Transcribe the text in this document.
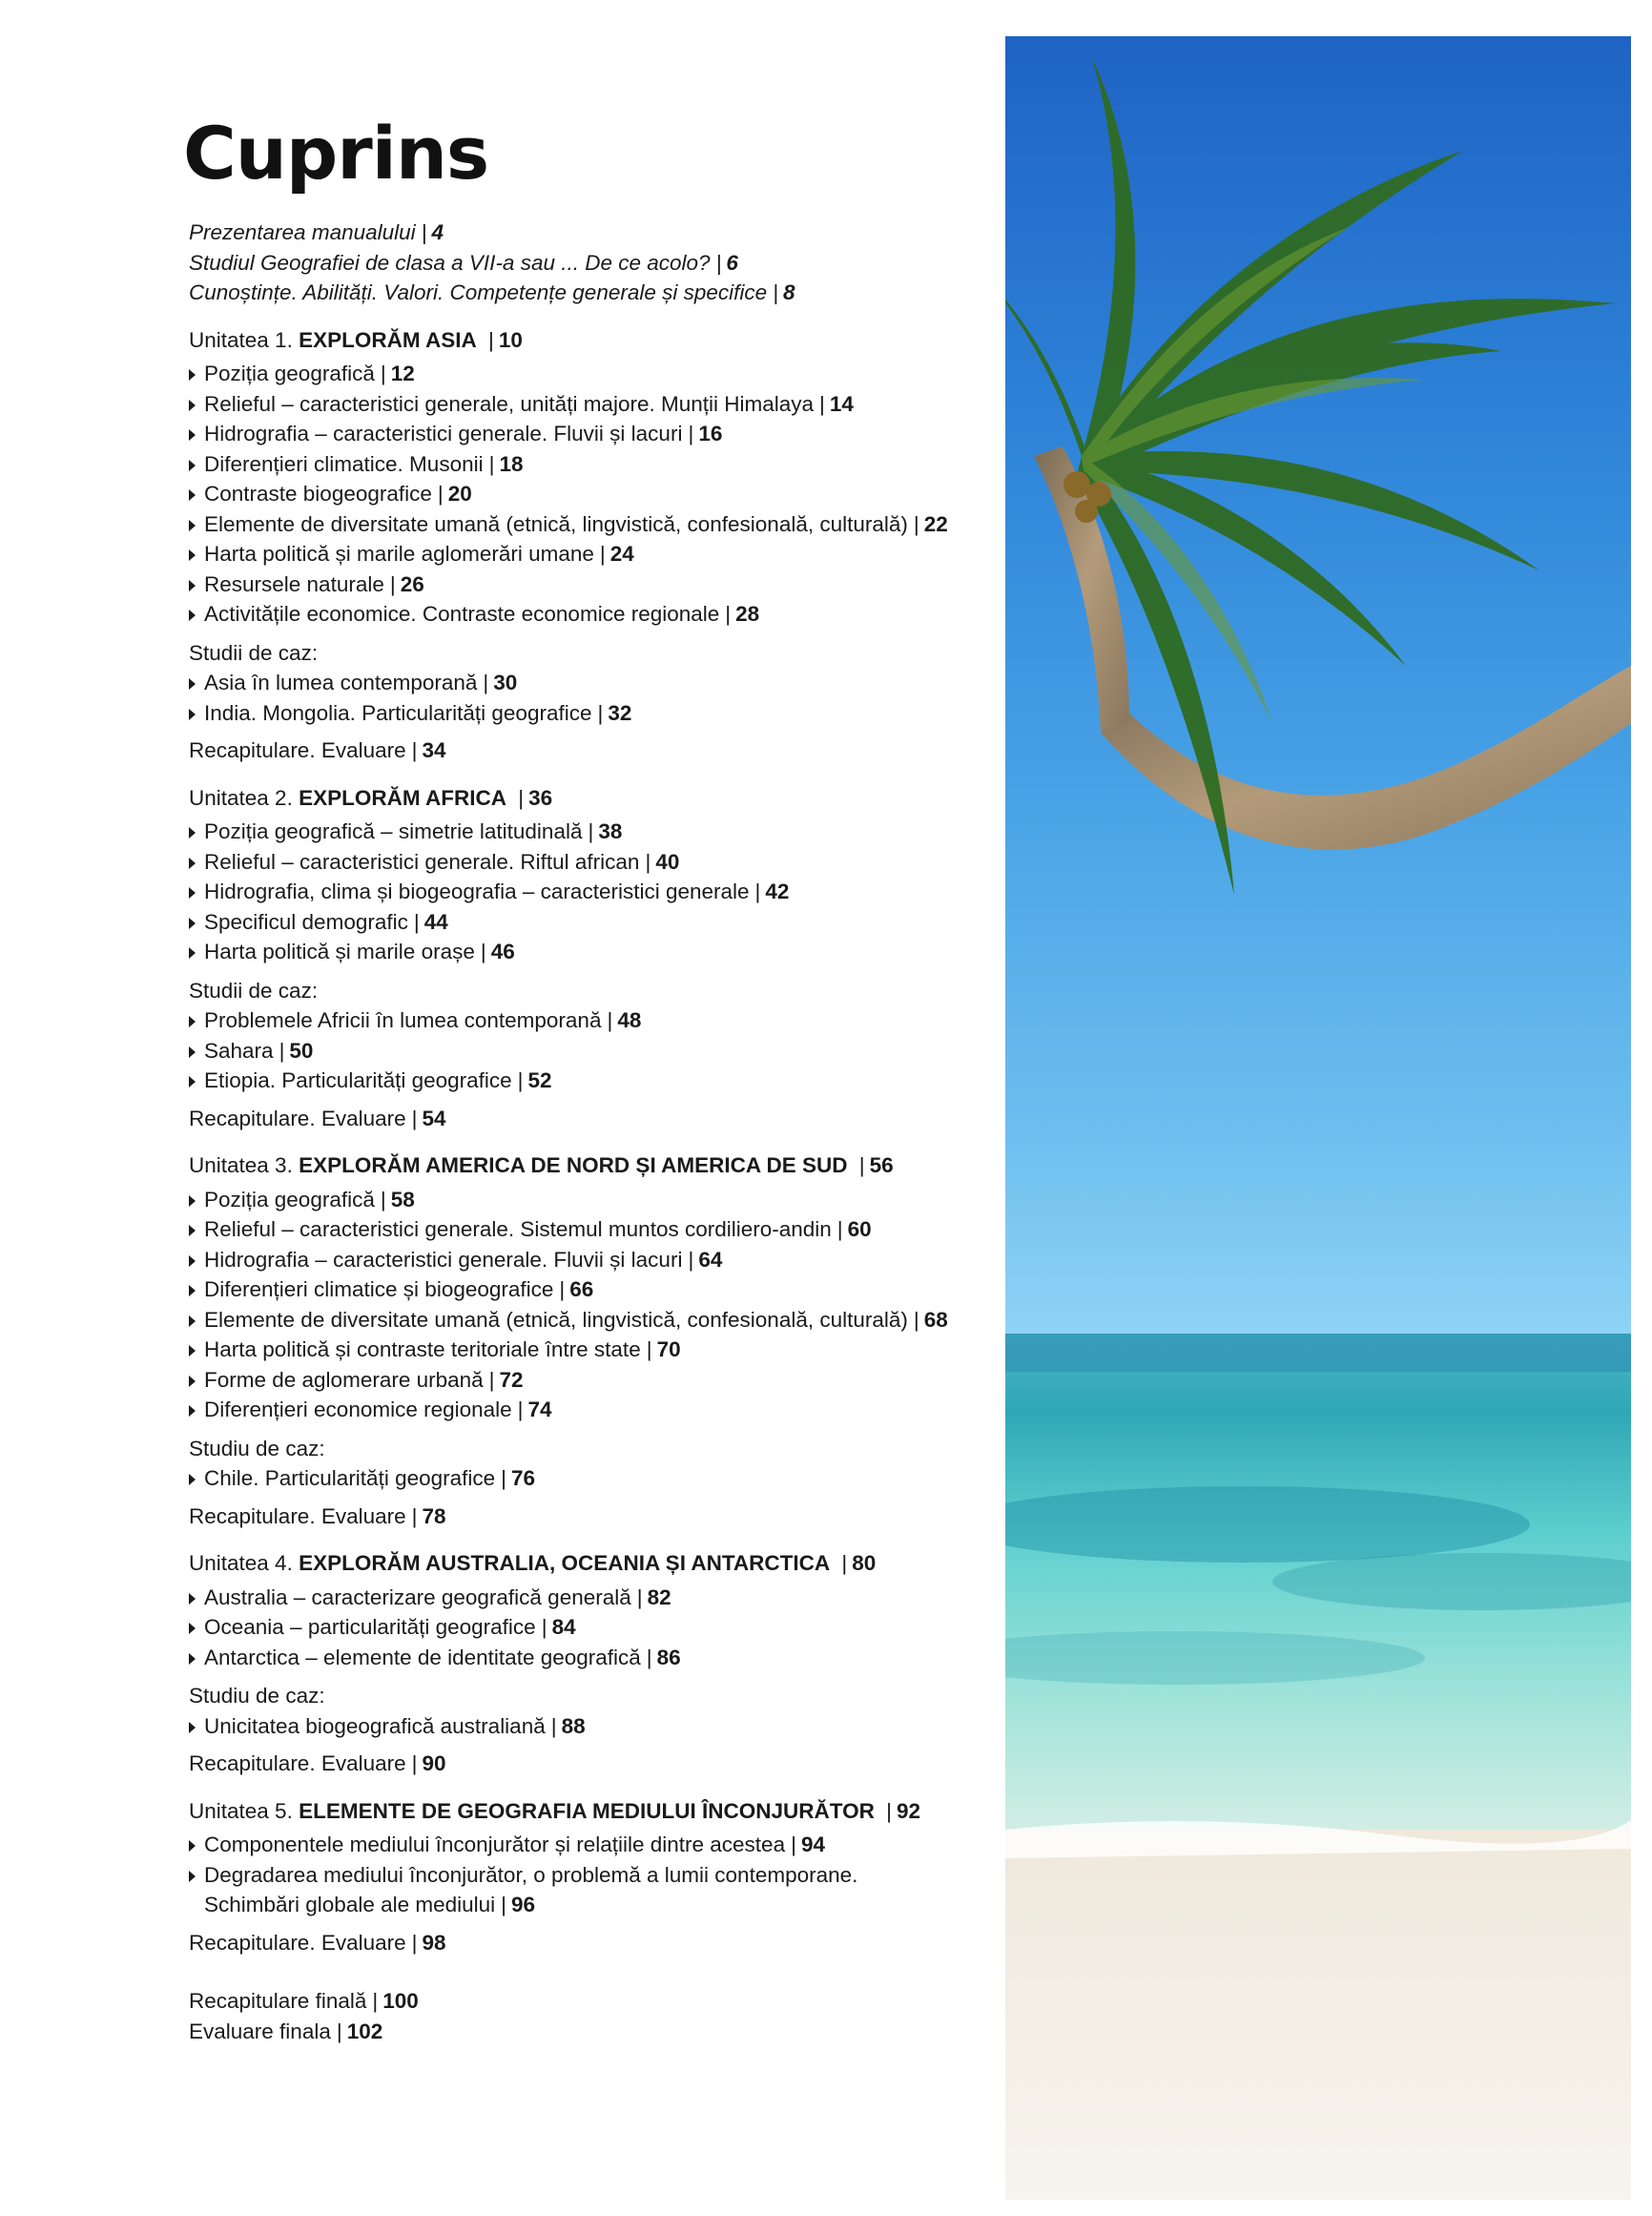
Cuprins
Prezentarea manualului | 4
Studiul Geografiei de clasa a VII-a sau ... De ce acolo? | 6
Cunoștințe. Abilități. Valori. Competențe generale și specifice | 8
Unitatea 1. EXPLORĂM ASIA | 10
Poziția geografică | 12
Relieful – caracteristici generale, unități majore. Munții Himalaya | 14
Hidrografia – caracteristici generale. Fluvii și lacuri | 16
Diferențieri climatice. Musonii | 18
Contraste biogeografice | 20
Elemente de diversitate umană (etnică, lingvistică, confesională, culturală) | 22
Harta politică și marile aglomerări umane | 24
Resursele naturale | 26
Activitățile economice. Contraste economice regionale | 28
Studii de caz:
Asia în lumea contemporană | 30
India. Mongolia. Particularități geografice | 32
Recapitulare. Evaluare | 34
Unitatea 2. EXPLORĂM AFRICA | 36
Poziția geografică – simetrie latitudinală | 38
Relieful – caracteristici generale. Riftul african | 40
Hidrografia, clima și biogeografia – caracteristici generale | 42
Specificul demografic | 44
Harta politică și marile orașe | 46
Studii de caz:
Problemele Africii în lumea contemporană | 48
Sahara | 50
Etiopia. Particularități geografice | 52
Recapitulare. Evaluare | 54
Unitatea 3. EXPLORĂM AMERICA DE NORD ȘI AMERICA DE SUD | 56
Poziția geografică | 58
Relieful – caracteristici generale. Sistemul muntos cordiliero-andin | 60
Hidrografia – caracteristici generale. Fluvii și lacuri | 64
Diferențieri climatice și biogeografice | 66
Elemente de diversitate umană (etnică, lingvistică, confesională, culturală) | 68
Harta politică și contraste teritoriale între state | 70
Forme de aglomerare urbană | 72
Diferențieri economice regionale | 74
Studiu de caz:
Chile. Particularități geografice | 76
Recapitulare. Evaluare | 78
Unitatea 4. EXPLORĂM AUSTRALIA, OCEANIA ȘI ANTARCTICA | 80
Australia – caracterizare geografică generală | 82
Oceania – particularități geografice | 84
Antarctica – elemente de identitate geografică | 86
Studiu de caz:
Unicitatea biogeografică australiană | 88
Recapitulare. Evaluare | 90
Unitatea 5. ELEMENTE DE GEOGRAFIA MEDIULUI ÎNCONJURĂTOR | 92
Componentele mediului înconjurător și relațiile dintre acestea | 94
Degradarea mediului înconjurător, o problemă a lumii contemporane.
Schimbări globale ale mediului | 96
Recapitulare. Evaluare | 98
Recapitulare finală | 100
Evaluare finala | 102
